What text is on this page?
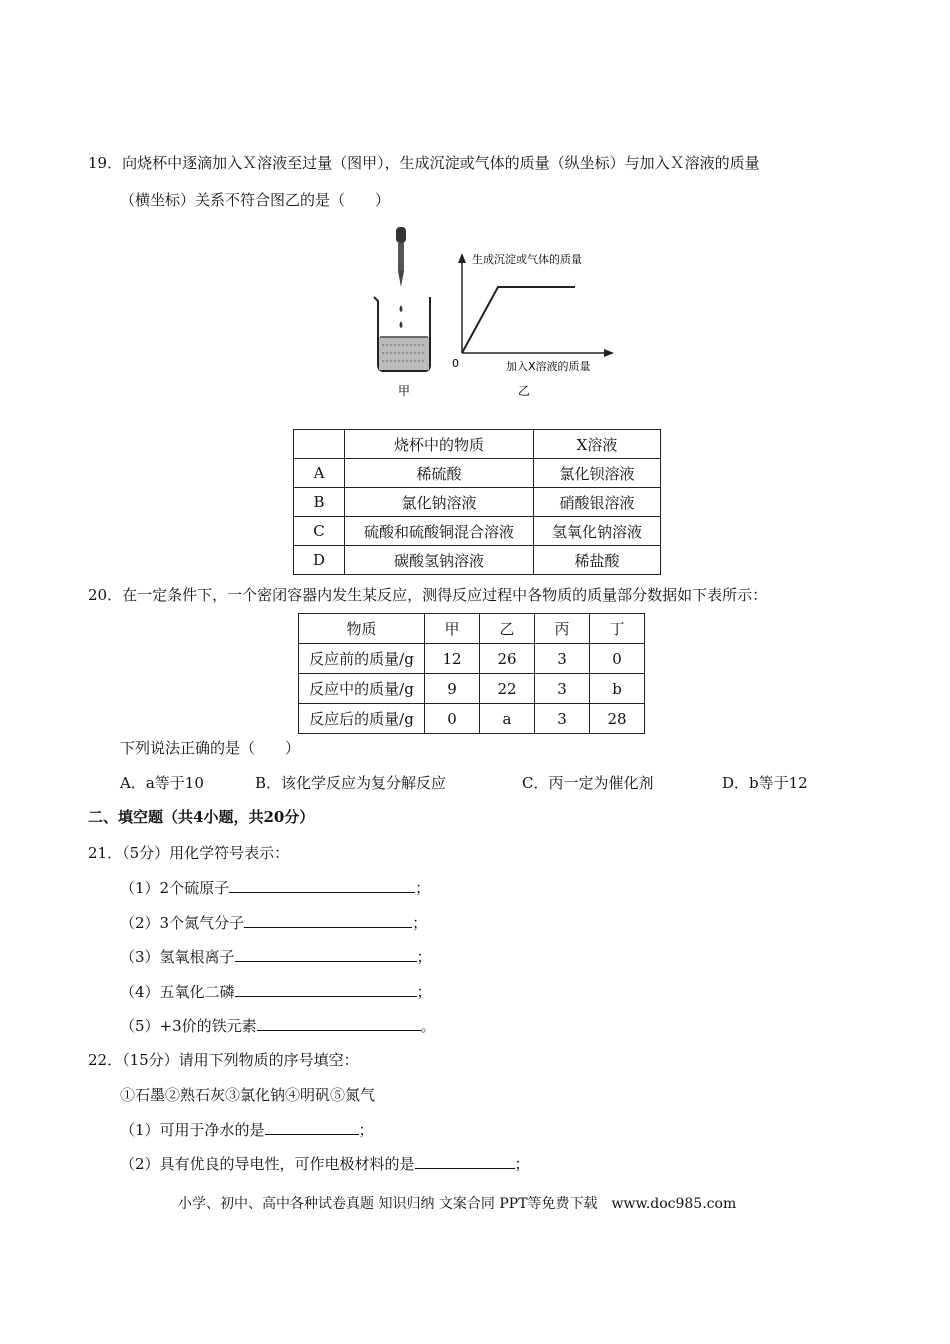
19．向烧杯中逐滴加入Ｘ溶液至过量（图甲），生成沉淀或气体的质量（纵坐标）与加入Ｘ溶液的质量
（横坐标）关系不符合图乙的是（　　）
甲
生成沉淀或气体的质量
0	加入X溶液的质量
乙
	烧杯中的物质	X溶液
A	稀硫酸	氯化钡溶液
B	氯化钠溶液	硝酸银溶液
C	硫酸和硫酸铜混合溶液	氢氧化钠溶液
D	碳酸氢钠溶液	稀盐酸
20．在一定条件下，一个密闭容器内发生某反应，测得反应过程中各物质的质量部分数据如下表所示：
物质	甲	乙	丙	丁
反应前的质量/g	12	26	3	0
反应中的质量/g	9	22	3	b
反应后的质量/g	0	a	3	28
下列说法正确的是（　　）
A．a等于10	B．该化学反应为复分解反应	C．丙一定为催化剂	D．b等于12
二、填空题（共4小题，共20分）
21．（5分）用化学符号表示：
（1）2个硫原子	；
（2）3个氮气分子	；
（3）氢氧根离子	；
（4）五氧化二磷	；
（5）+3价的铁元素	。
22．（15分）请用下列物质的序号填空：
①石墨②熟石灰③氯化钠④明矾⑤氮气
（1）可用于净水的是	；
（2）具有优良的导电性，可作电极材料的是	；
小学、初中、高中各种试卷真题 知识归纳 文案合同 PPT等免费下载　www.doc985.com
